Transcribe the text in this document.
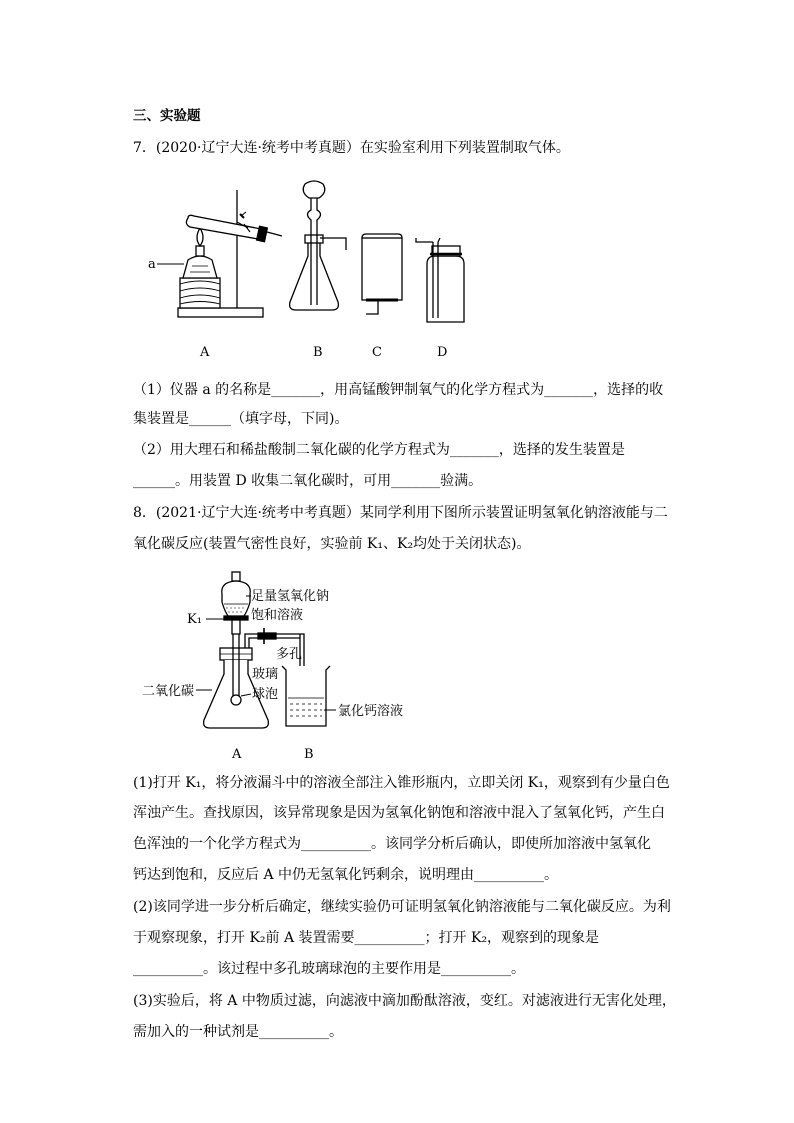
三、实验题
7．(2020·辽宁大连·统考中考真题）在实验室利用下列装置制取气体。
a
A	B	C	D
（1）仪器 a 的名称是_______，用高锰酸钾制氧气的化学方程式为_______，选择的收
集装置是______（填字母，下同)。
（2）用大理石和稀盐酸制二氧化碳的化学方程式为_______，选择的发生装置是
______。用装置 D 收集二氧化碳时，可用_______验满。
8．(2021·辽宁大连·统考中考真题）某同学利用下图所示装置证明氢氧化钠溶液能与二
氧化碳反应(装置气密性良好，实验前 K₁、K₂均处于关闭状态)。
K₁
足量氢氧化钠
饱和溶液
多孔
玻璃
球泡
二氧化碳
氯化钙溶液
A	B
(1)打开 K₁，将分液漏斗中的溶液全部注入锥形瓶内，立即关闭 K₁，观察到有少量白色
浑浊产生。查找原因，该异常现象是因为氢氧化钠饱和溶液中混入了氢氧化钙，产生白
色浑浊的一个化学方程式为__________。该同学分析后确认，即使所加溶液中氢氧化
钙达到饱和，反应后 A 中仍无氢氧化钙剩余，说明理由__________。
(2)该同学进一步分析后确定，继续实验仍可证明氢氧化钠溶液能与二氧化碳反应。为利
于观察现象，打开 K₂前 A 装置需要__________；打开 K₂，观察到的现象是
__________。该过程中多孔玻璃球泡的主要作用是__________。
(3)实验后，将 A 中物质过滤，向滤液中滴加酚酞溶液，变红。对滤液进行无害化处理，
需加入的一种试剂是__________。
